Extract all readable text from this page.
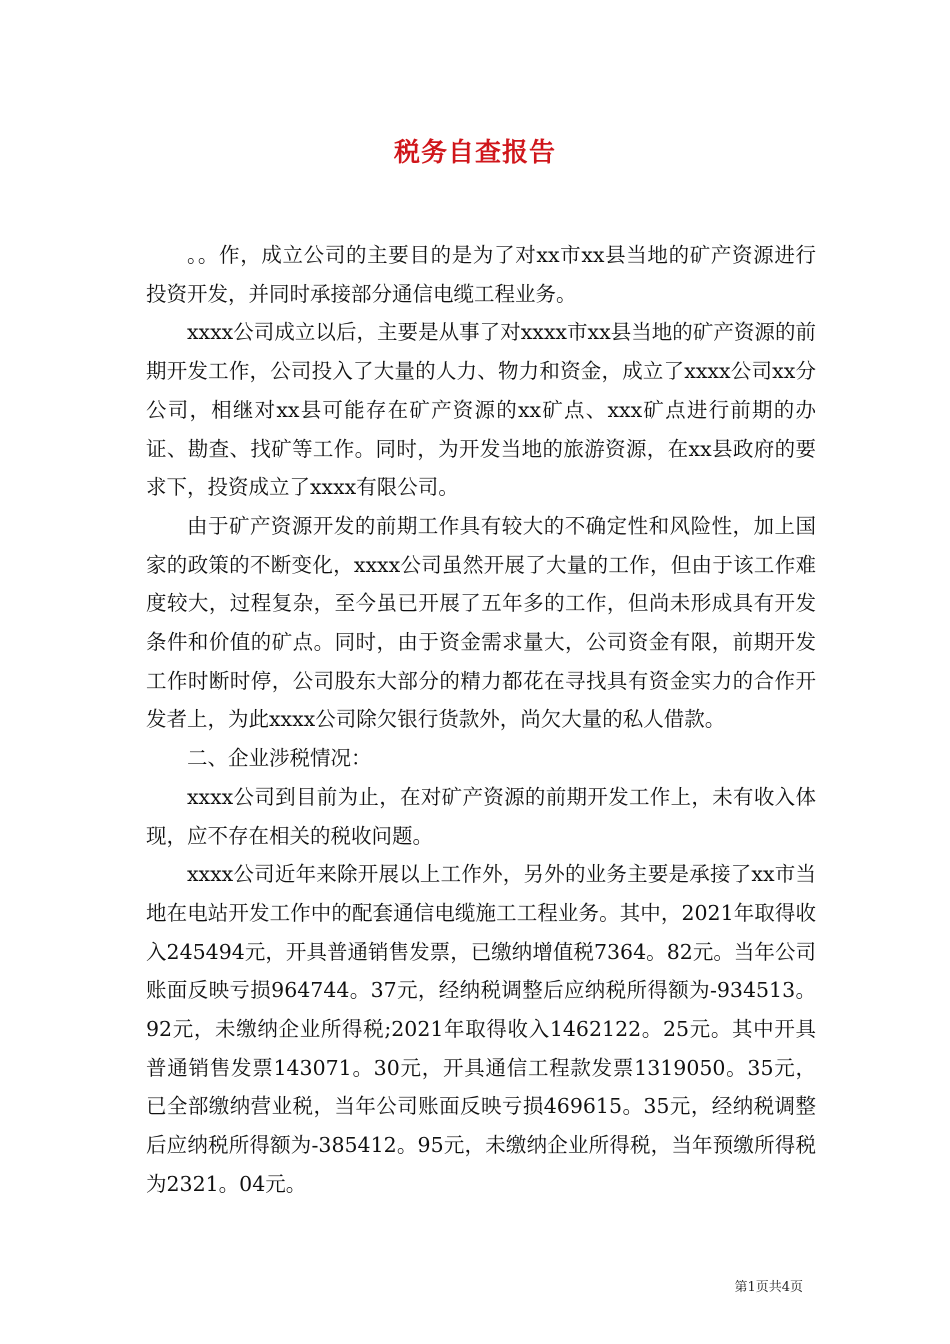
税务自查报告

。。作，成立公司的主要目的是为了对xx市xx县当地的矿产资源进行投资开发，并同时承接部分通信电缆工程业务。

xxxx公司成立以后，主要是从事了对xxxx市xx县当地的矿产资源的前期开发工作，公司投入了大量的人力、物力和资金，成立了xxxx公司xx分公司，相继对xx县可能存在矿产资源的xx矿点、xxx矿点进行前期的办证、勘查、找矿等工作。同时，为开发当地的旅游资源，在xx县政府的要求下，投资成立了xxxx有限公司。

由于矿产资源开发的前期工作具有较大的不确定性和风险性，加上国家的政策的不断变化，xxxx公司虽然开展了大量的工作，但由于该工作难度较大，过程复杂，至今虽已开展了五年多的工作，但尚未形成具有开发条件和价值的矿点。同时，由于资金需求量大，公司资金有限，前期开发工作时断时停，公司股东大部分的精力都花在寻找具有资金实力的合作开发者上，为此xxxx公司除欠银行货款外，尚欠大量的私人借款。

二、企业涉税情况：

xxxx公司到目前为止，在对矿产资源的前期开发工作上，未有收入体现，应不存在相关的税收问题。

xxxx公司近年来除开展以上工作外，另外的业务主要是承接了xx市当地在电站开发工作中的配套通信电缆施工工程业务。其中，2021年取得收入245494元，开具普通销售发票，已缴纳增值税7364。82元。当年公司账面反映亏损964744。37元，经纳税调整后应纳税所得额为-934513。92元，未缴纳企业所得税;2021年取得收入1462122。25元。其中开具普通销售发票143071。30元，开具通信工程款发票1319050。35元，已全部缴纳营业税，当年公司账面反映亏损469615。35元，经纳税调整后应纳税所得额为-385412。95元，未缴纳企业所得税，当年预缴所得税为2321。04元。

第1页共4页
